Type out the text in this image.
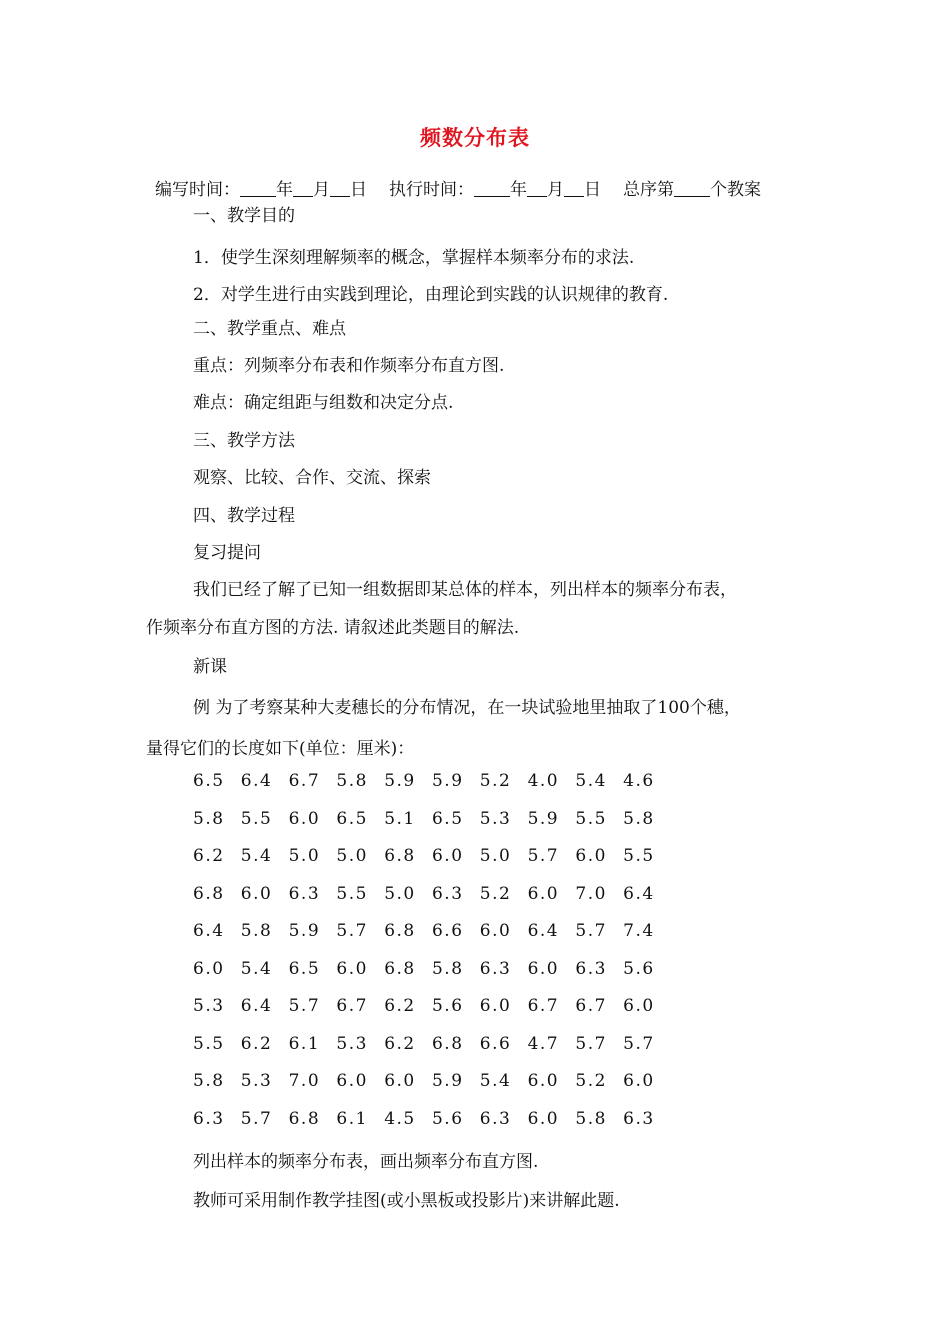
频数分布表
编写时间： 年 月 日 执行时间： 年 月 日 总序第 个教案
一、教学目的
1．使学生深刻理解频率的概念，掌握样本频率分布的求法.
2．对学生进行由实践到理论，由理论到实践的认识规律的教育.
二、教学重点、难点
重点：列频率分布表和作频率分布直方图.
难点：确定组距与组数和决定分点.
三、教学方法
观察、比较、合作、交流、探索
四、教学过程
复习提问
我们已经了解了已知一组数据即某总体的样本，列出样本的频率分布表，
作频率分布直方图的方法. 请叙述此类题目的解法.
新课
例 为了考察某种大麦穗长的分布情况，在一块试验地里抽取了100个穗，
量得它们的长度如下(单位：厘米)：
6.5 6.4 6.7 5.8 5.9 5.9 5.2 4.0 5.4 4.6
5.8 5.5 6.0 6.5 5.1 6.5 5.3 5.9 5.5 5.8
6.2 5.4 5.0 5.0 6.8 6.0 5.0 5.7 6.0 5.5
6.8 6.0 6.3 5.5 5.0 6.3 5.2 6.0 7.0 6.4
6.4 5.8 5.9 5.7 6.8 6.6 6.0 6.4 5.7 7.4
6.0 5.4 6.5 6.0 6.8 5.8 6.3 6.0 6.3 5.6
5.3 6.4 5.7 6.7 6.2 5.6 6.0 6.7 6.7 6.0
5.5 6.2 6.1 5.3 6.2 6.8 6.6 4.7 5.7 5.7
5.8 5.3 7.0 6.0 6.0 5.9 5.4 6.0 5.2 6.0
6.3 5.7 6.8 6.1 4.5 5.6 6.3 6.0 5.8 6.3
列出样本的频率分布表，画出频率分布直方图.
教师可采用制作教学挂图(或小黑板或投影片)来讲解此题.
